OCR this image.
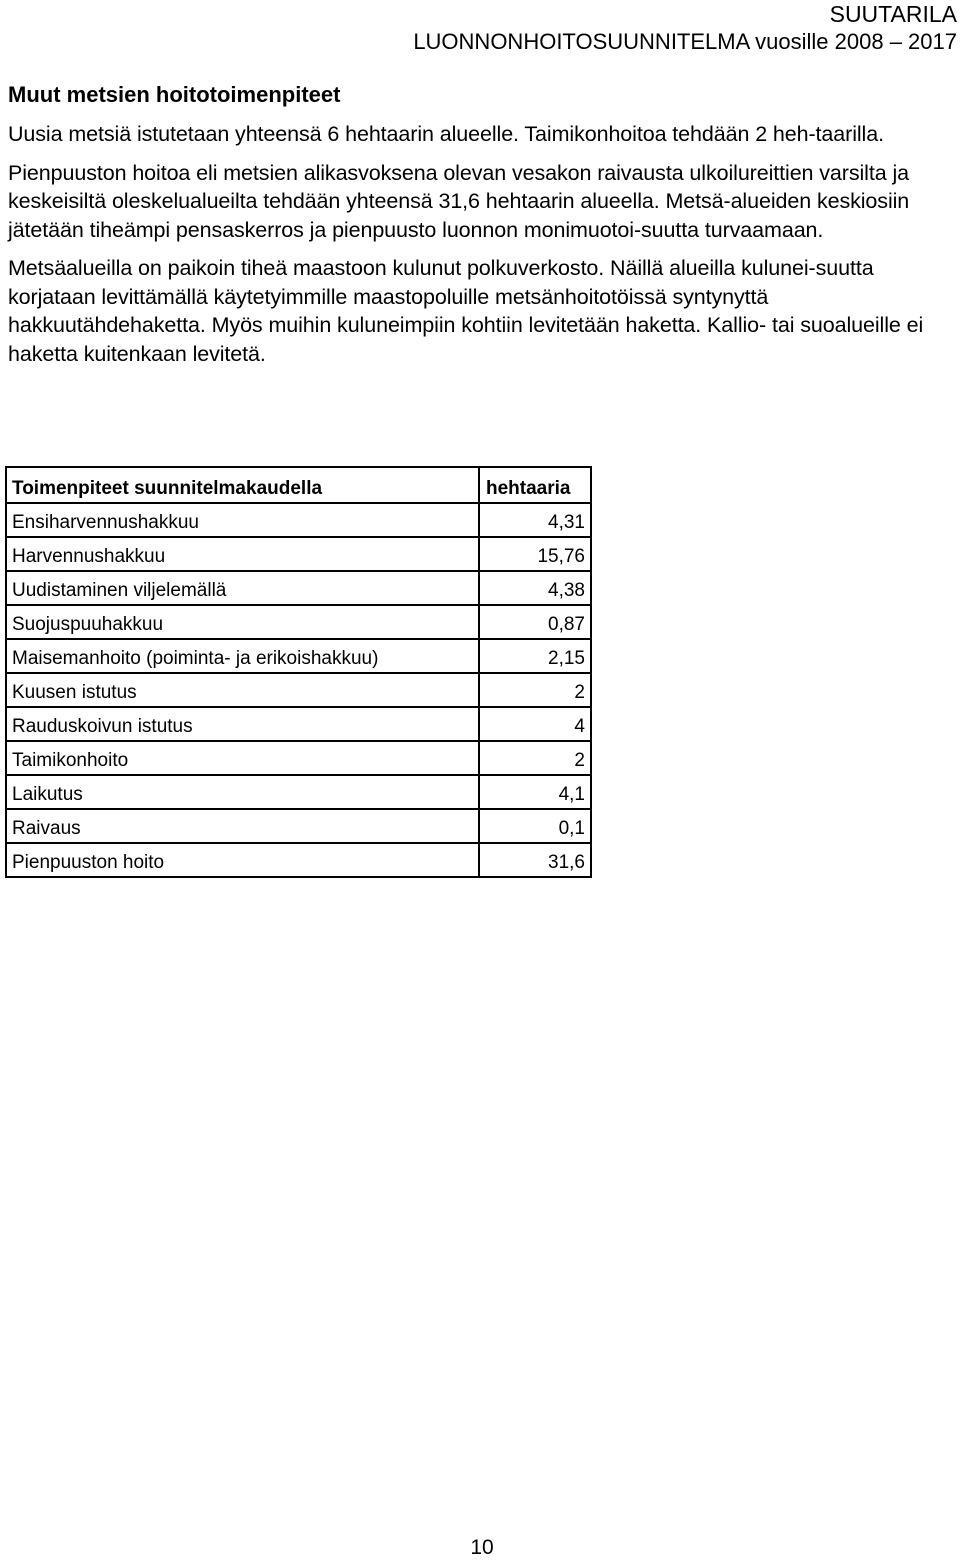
SUUTARILA
LUONNONHOITOSUUNNITELMA vuosille 2008 – 2017
Muut metsien hoitotoimenpiteet

Uusia metsiä istutetaan yhteensä 6 hehtaarin alueelle. Taimikonhoitoa tehdään 2 heh-taarilla.

Pienpuuston hoitoa eli metsien alikasvoksena olevan vesakon raivausta ulkoilureittien varsilta ja keskeisiltä oleskelualueilta tehdään yhteensä 31,6 hehtaarin alueella. Metsä-alueiden keskiosiin jätetään tiheämpi pensaskerros ja pienpuusto luonnon monimuotoi-suutta turvaamaan.

Metsäalueilla on paikoin tiheä maastoon kulunut polkuverkosto. Näillä alueilla kulunei-suutta korjataan levittämällä käytetyimmille maastopoluille metsänhoitotöissä syntynyttä hakkuutähdehaketta. Myös muihin kuluneimpiin kohtiin levitetään haketta. Kallio- tai suoalueille ei haketta kuitenkaan levitetä.

Toimenpiteet suunnitelmakaudella	hehtaaria
Ensiharvennushakkuu	4,31
Harvennushakkuu	15,76
Uudistaminen viljelemällä	4,38
Suojuspuuhakkuu	0,87
Maisemanhoito (poiminta- ja erikoishakkuu)	2,15
Kuusen istutus	2
Rauduskoivun istutus	4
Taimikonhoito	2
Laikutus	4,1
Raivaus	0,1
Pienpuuston hoito	31,6
10
